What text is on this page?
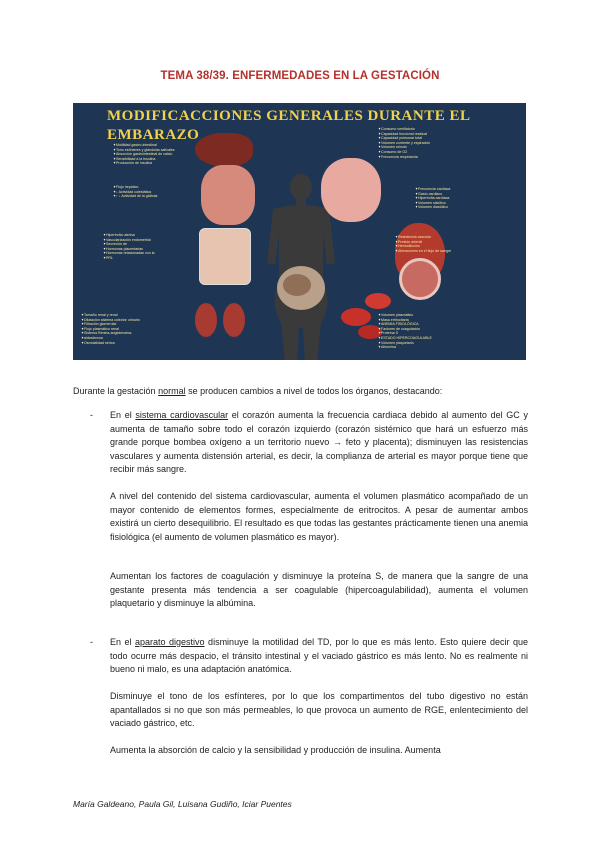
TEMA 38/39. ENFERMEDADES EN LA GESTACIÓN
MODIFICACCIONES GENERALES DURANTE EL
EMBARAZO
✦ Motilidad gastro-intestinal
✦ Tono esfínteres y glándulas salivales
✦ Absorción gastrointestinal de calcio
✦ Sensibilidad a la insulina
✦ Producción de insulina
✦ Flujo hepático
✦ ↓ Actividad colestática
✦ ↑ ↓ Actividad de la gálbula
✦ Hipertrofia uterina
✦ Vascularización endometrial
✦ Secreción de
✦ Hormonas placentarias
✦ Hormonas relacionadas con la
✦ PRL
✦ Tamaño renal y renal
✦ Dilatación sistema colector urinario
✦ Filtración glomerular
✦ Flujo plasmático renal
✦ Sistema Renina-angiotensina-
✦ aldosterona
✦ Osmolalidad sérica
✦ Consumo ventilatorio
✦ Capacidad funcional residual
✦ Capacidad pulmonar total
✦ Volumen corriente y espiración
✦ Volumen minuto
✦ Consumo de O2
✦ Frecuencia respiratoria
✦ Frecuencia cardiaca
✦ Gasto cardiaco
✦ Hipertrofia cardíaca
✦ Volumen sistólico
✦ Volumen diastólico
✦ Resistencia vascular
✦ Presión arterial
✦ Hemodilución
✦ Alteraciones en el flujo de sangre
✦ Volumen plasmático
✦ Masa eritrocitaria
✦ ANEMIA FISIOLÓGICA
✦ Factores de coagulación
✦ Proteína S
✦ ESTADO HIPERCOAGULABLE
✦ Volumen plaquetario
✦ Albúmina
Durante la gestación normal se producen cambios a nivel de todos los órganos, destacando:
- En el sistema cardiovascular el corazón aumenta la frecuencia cardiaca debido al aumento del GC y aumenta de tamaño sobre todo el corazón izquierdo (corazón sistémico que hará un esfuerzo más grande porque bombea oxígeno a un territorio nuevo → feto y placenta); disminuyen las resistencias vasculares y aumenta distensión arterial, es decir, la complianza de arterial es mayor porque tiene que recibir más sangre.
A nivel del contenido del sistema cardiovascular, aumenta el volumen plasmático acompañado de un mayor contenido de elementos formes, especialmente de eritrocitos. A pesar de aumentar ambos existirá un cierto desequilibrio. El resultado es que todas las gestantes prácticamente tienen una anemia fisiológica (el aumento de volumen plasmático es mayor).
Aumentan los factores de coagulación y disminuye la proteína S, de manera que la sangre de una gestante presenta más tendencia a ser coagulable (hipercoagulabilidad), aumenta el volumen plaquetario y disminuye la albúmina.
- En el aparato digestivo disminuye la motilidad del TD, por lo que es más lento. Esto quiere decir que todo ocurre más despacio, el tránsito intestinal y el vaciado gástrico es más lento. No es realmente ni bueno ni malo, es una adaptación anatómica.
Disminuye el tono de los esfínteres, por lo que los compartimentos del tubo digestivo no están apantallados si no que son más permeables, lo que provoca un aumento de RGE, enlentecimiento del vaciado gástrico, etc.
Aumenta la absorción de calcio y la sensibilidad y producción de insulina. Aumenta
María Galdeano, Paula Gil, Luisana Gudiño, Iciar Puentes
